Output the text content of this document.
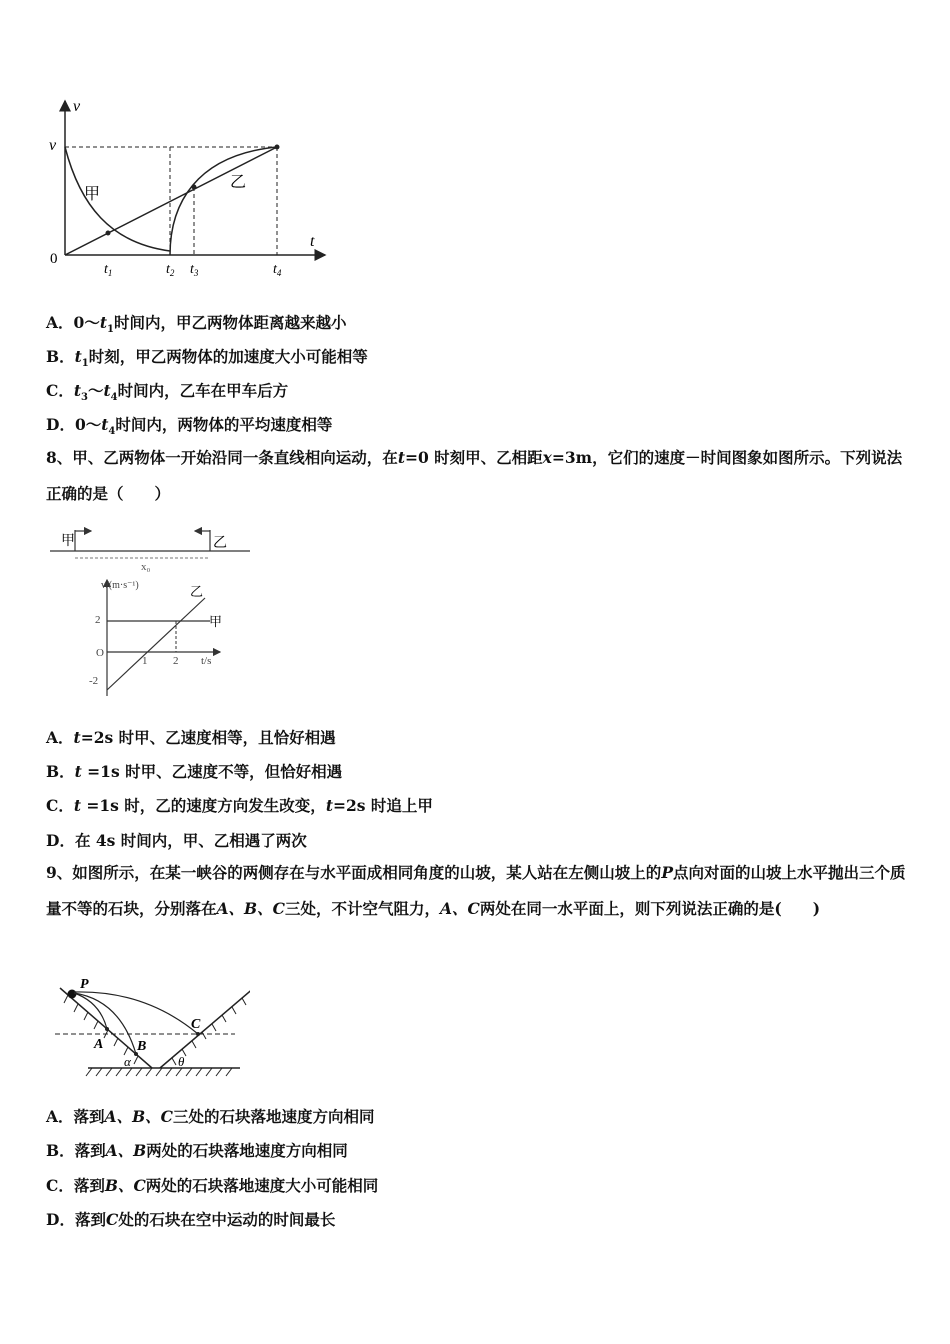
v
t
v
0
甲
乙
$t_1$	$t_2$ $t_3$	$t_4$
A．$0\sim t_1$时间内，甲乙两物体距离越来越小
B．$t_1$时刻，甲乙两物体的加速度大小可能相等
C．$t_3\sim t_4$时间内，乙车在甲车后方
D．$0\sim t_4$时间内，两物体的平均速度相等
8、甲、乙两物体一开始沿同一条直线相向运动，在t=0 时刻甲、乙相距x=3m，它们的速度－时间图象如图所示。下列说法正确的是（　　）
甲	乙
x₀
v/(m·s⁻¹)
t/s
O
2
-2
1 2
甲
乙
A．t=2s 时甲、乙速度相等，且恰好相遇
B．t =1s 时甲、乙速度不等，但恰好相遇
C．t =1s 时，乙的速度方向发生改变，t=2s 时追上甲
D．在 4s 时间内，甲、乙相遇了两次
9、如图所示，在某一峡谷的两侧存在与水平面成相同角度的山坡，某人站在左侧山坡上的P点向对面的山坡上水平抛出三个质量不等的石块，分别落在A、B、C三处，不计空气阻力，A、C两处在同一水平面上，则下列说法正确的是(　　)
P
A B
C
α	θ
A．落到A、B、C三处的石块落地速度方向相同
B．落到A、B两处的石块落地速度方向相同
C．落到B、C两处的石块落地速度大小可能相同
D．落到C处的石块在空中运动的时间最长
